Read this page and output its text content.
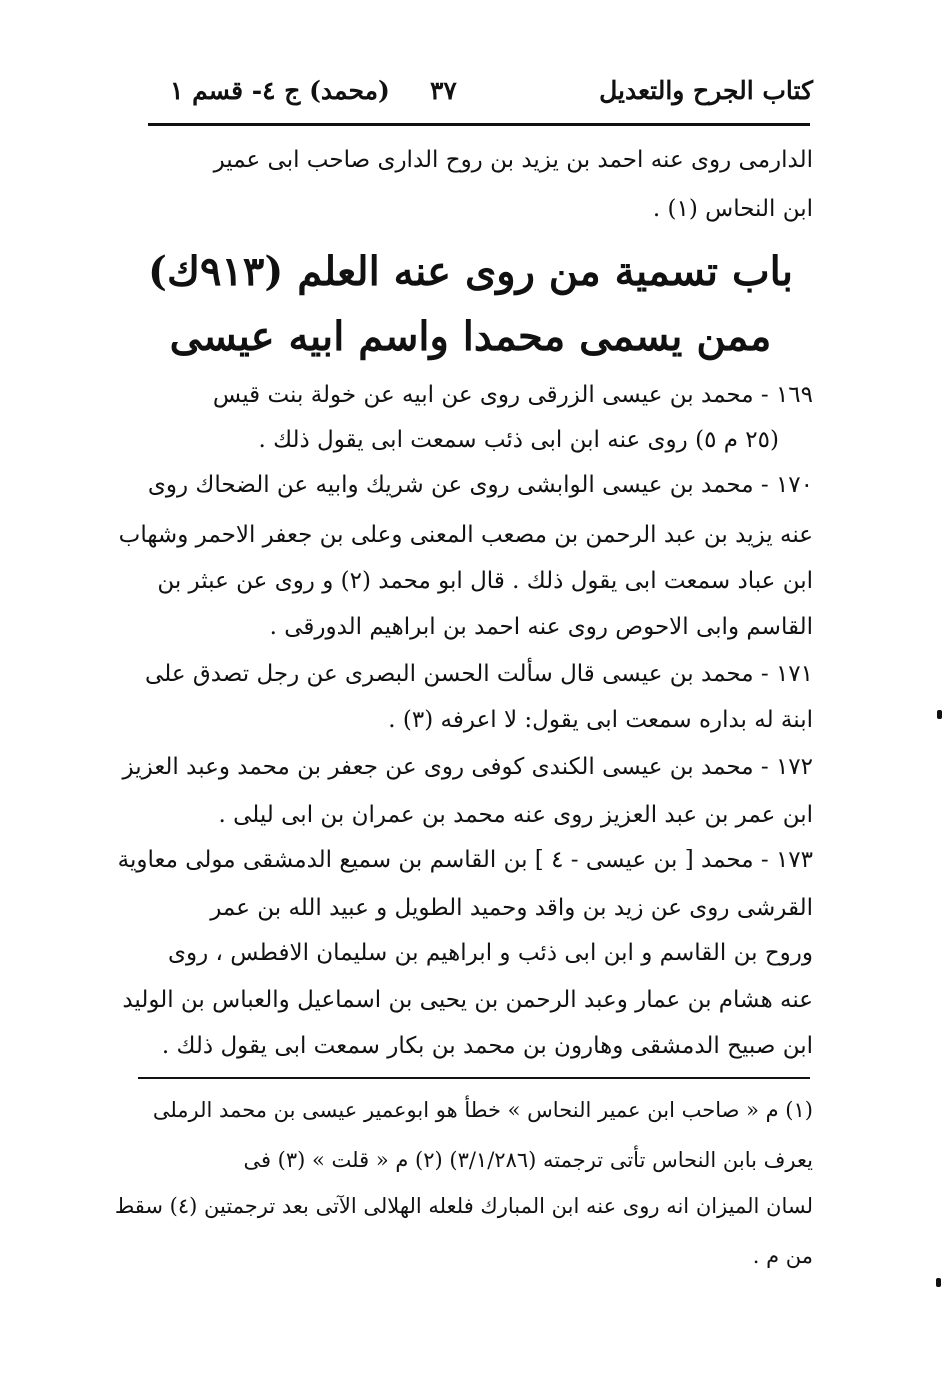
كتاب الجرح والتعديل
٣٧
(محمد) ج ٤- قسم ١
الدارمى روى عنه احمد بن يزيد بن روح الدارى صاحب ابى عمير
ابن النحاس (١) .
باب تسمية من روى عنه العلم (٩١٣ك)
ممن يسمى محمدا واسم ابيه عيسى
١٦٩ - محمد بن عيسى الزرقى روى عن ابيه عن خولة بنت قيس
(٢٥ م ٥) روى عنه ابن ابى ذئب سمعت ابى يقول ذلك .
١٧٠ - محمد بن عيسى الوابشى روى عن شريك وابيه عن الضحاك روى
عنه يزيد بن عبد الرحمن بن مصعب المعنى وعلى بن جعفر الاحمر وشهاب
ابن عباد سمعت ابى يقول ذلك . قال ابو محمد (٢) و روى عن عبثر بن
القاسم وابى الاحوص روى عنه احمد بن ابراهيم الدورقى .
١٧١ - محمد بن عيسى قال سألت الحسن البصرى عن رجل تصدق على
ابنة له بداره سمعت ابى يقول: لا اعرفه (٣) .
١٧٢ - محمد بن عيسى الكندى كوفى روى عن جعفر بن محمد وعبد العزيز
ابن عمر بن عبد العزيز روى عنه محمد بن عمران بن ابى ليلى .
١٧٣ - محمد [ بن عيسى - ٤ ] بن القاسم بن سميع الدمشقى مولى معاوية
القرشى روى عن زيد بن واقد وحميد الطويل و عبيد الله بن عمر
وروح بن القاسم و ابن ابى ذئب و ابراهيم بن سليمان الافطس ، روى
عنه هشام بن عمار وعبد الرحمن بن يحيى بن اسماعيل والعباس بن الوليد
ابن صبيح الدمشقى وهارون بن محمد بن بكار سمعت ابى يقول ذلك .
(١) م « صاحب ابن عمير النحاس » خطأ هو ابوعمير عيسى بن محمد الرملى
يعرف بابن النحاس تأتى ترجمته (٣/١/٢٨٦) (٢) م « قلت » (٣) فى
لسان الميزان انه روى عنه ابن المبارك فلعله الهلالى الآتى بعد ترجمتين (٤) سقط
من م .
